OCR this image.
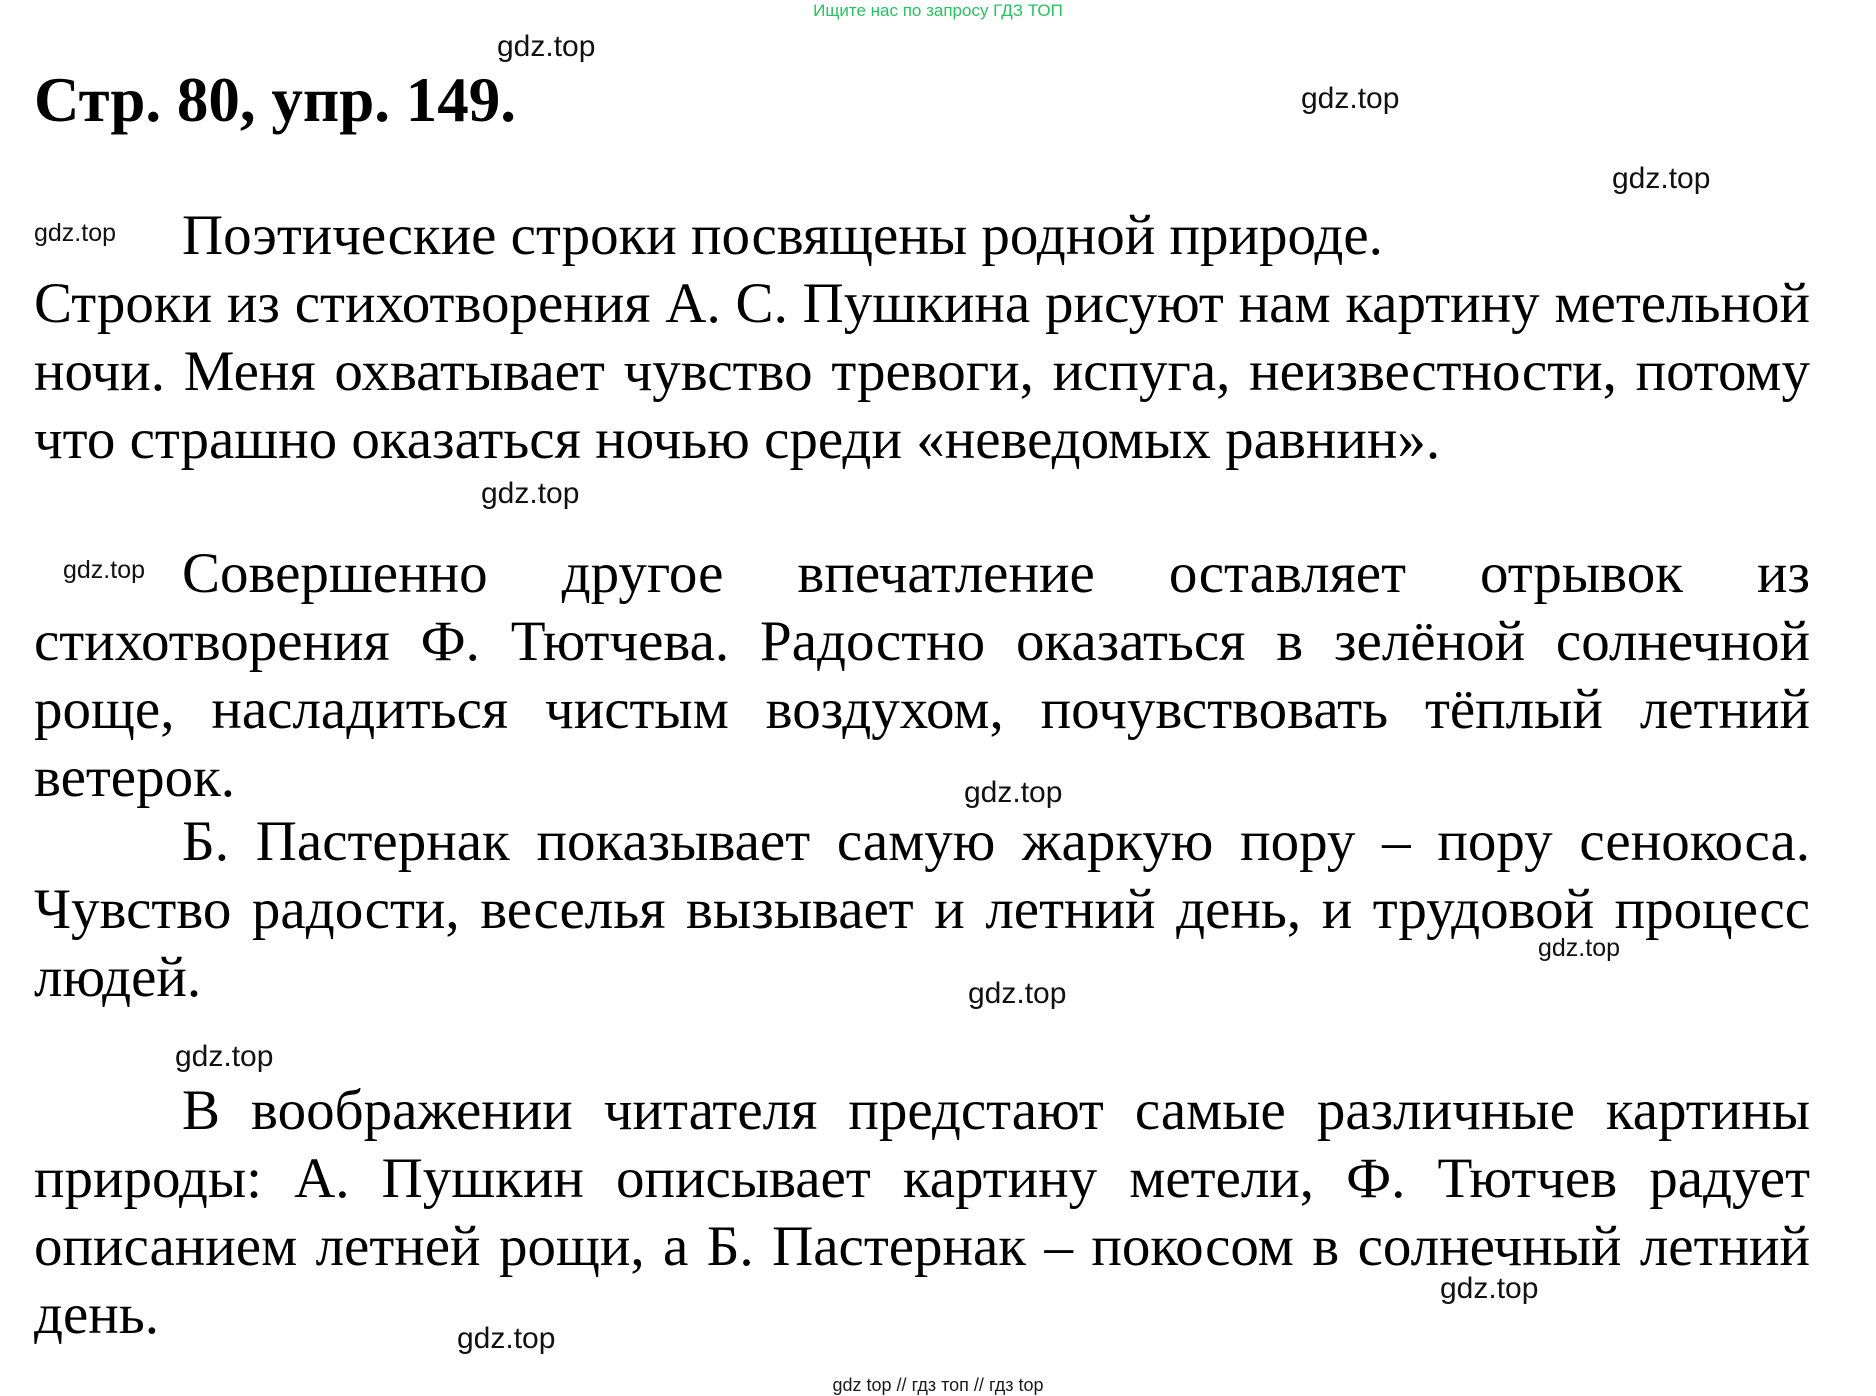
Ищите нас по запросу ГДЗ ТОП
Стр. 80, упр. 149.

Поэтические строки посвящены родной природе.

Строки из стихотворения А. С. Пушкина рисуют нам картину метельной ночи. Меня охватывает чувство тревоги, испуга, неизвестности, потому что страшно оказаться ночью среди «неведомых равнин».

Совершенно другое впечатление оставляет отрывок из стихотворения Ф. Тютчева. Радостно оказаться в зелёной солнечной роще, насладиться чистым воздухом, почувствовать тёплый летний ветерок.

Б. Пастернак показывает самую жаркую пору – пору сенокоса. Чувство радости, веселья вызывает и летний день, и трудовой процесс людей.

В воображении читателя предстают самые различные картины природы: А. Пушкин описывает картину метели, Ф. Тютчев радует описанием летней рощи, а Б. Пастернак – покосом в солнечный летний день.

gdz.top
gdz.top
gdz.top
gdz.top
gdz.top
gdz.top
gdz.top
gdz.top
gdz.top
gdz.top
gdz.top
gdz.top
gdz top // гдз топ // гдз top
